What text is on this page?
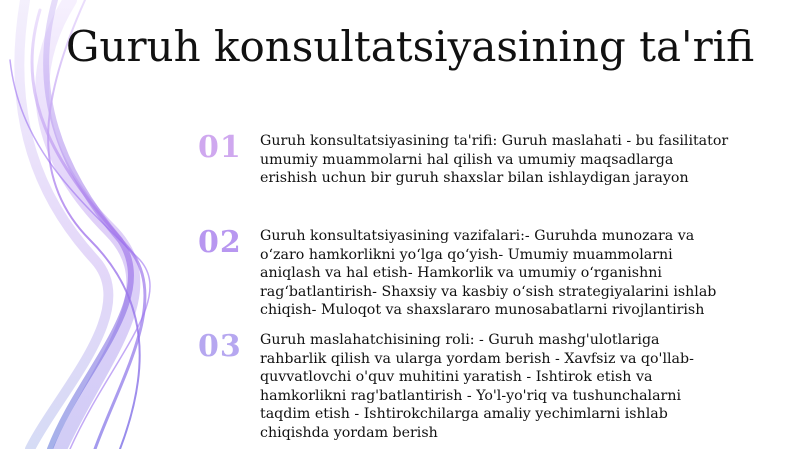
Guruh konsultatsiyasining ta'rifi
01	Guruh konsultatsiyasining ta'rifi: Guruh maslahati - bu fasilitator umumiy muammolarni hal qilish va umumiy maqsadlarga erishish uchun bir guruh shaxslar bilan ishlaydigan jarayon
02	Guruh konsultatsiyasining vazifalari:- Guruhda munozara va oʻzaro hamkorlikni yoʻlga qoʻyish- Umumiy muammolarni aniqlash va hal etish- Hamkorlik va umumiy oʻrganishni ragʻbatlantirish- Shaxsiy va kasbiy oʻsish strategiyalarini ishlab chiqish- Muloqot va shaxslararo munosabatlarni rivojlantirish
03	Guruh maslahatchisining roli: - Guruh mashg'ulotlariga rahbarlik qilish va ularga yordam berish - Xavfsiz va qo'llab-quvvatlovchi o'quv muhitini yaratish - Ishtirok etish va hamkorlikni rag'batlantirish - Yo'l-yo'riq va tushunchalarni taqdim etish - Ishtirokchilarga amaliy yechimlarni ishlab chiqishda yordam berish
